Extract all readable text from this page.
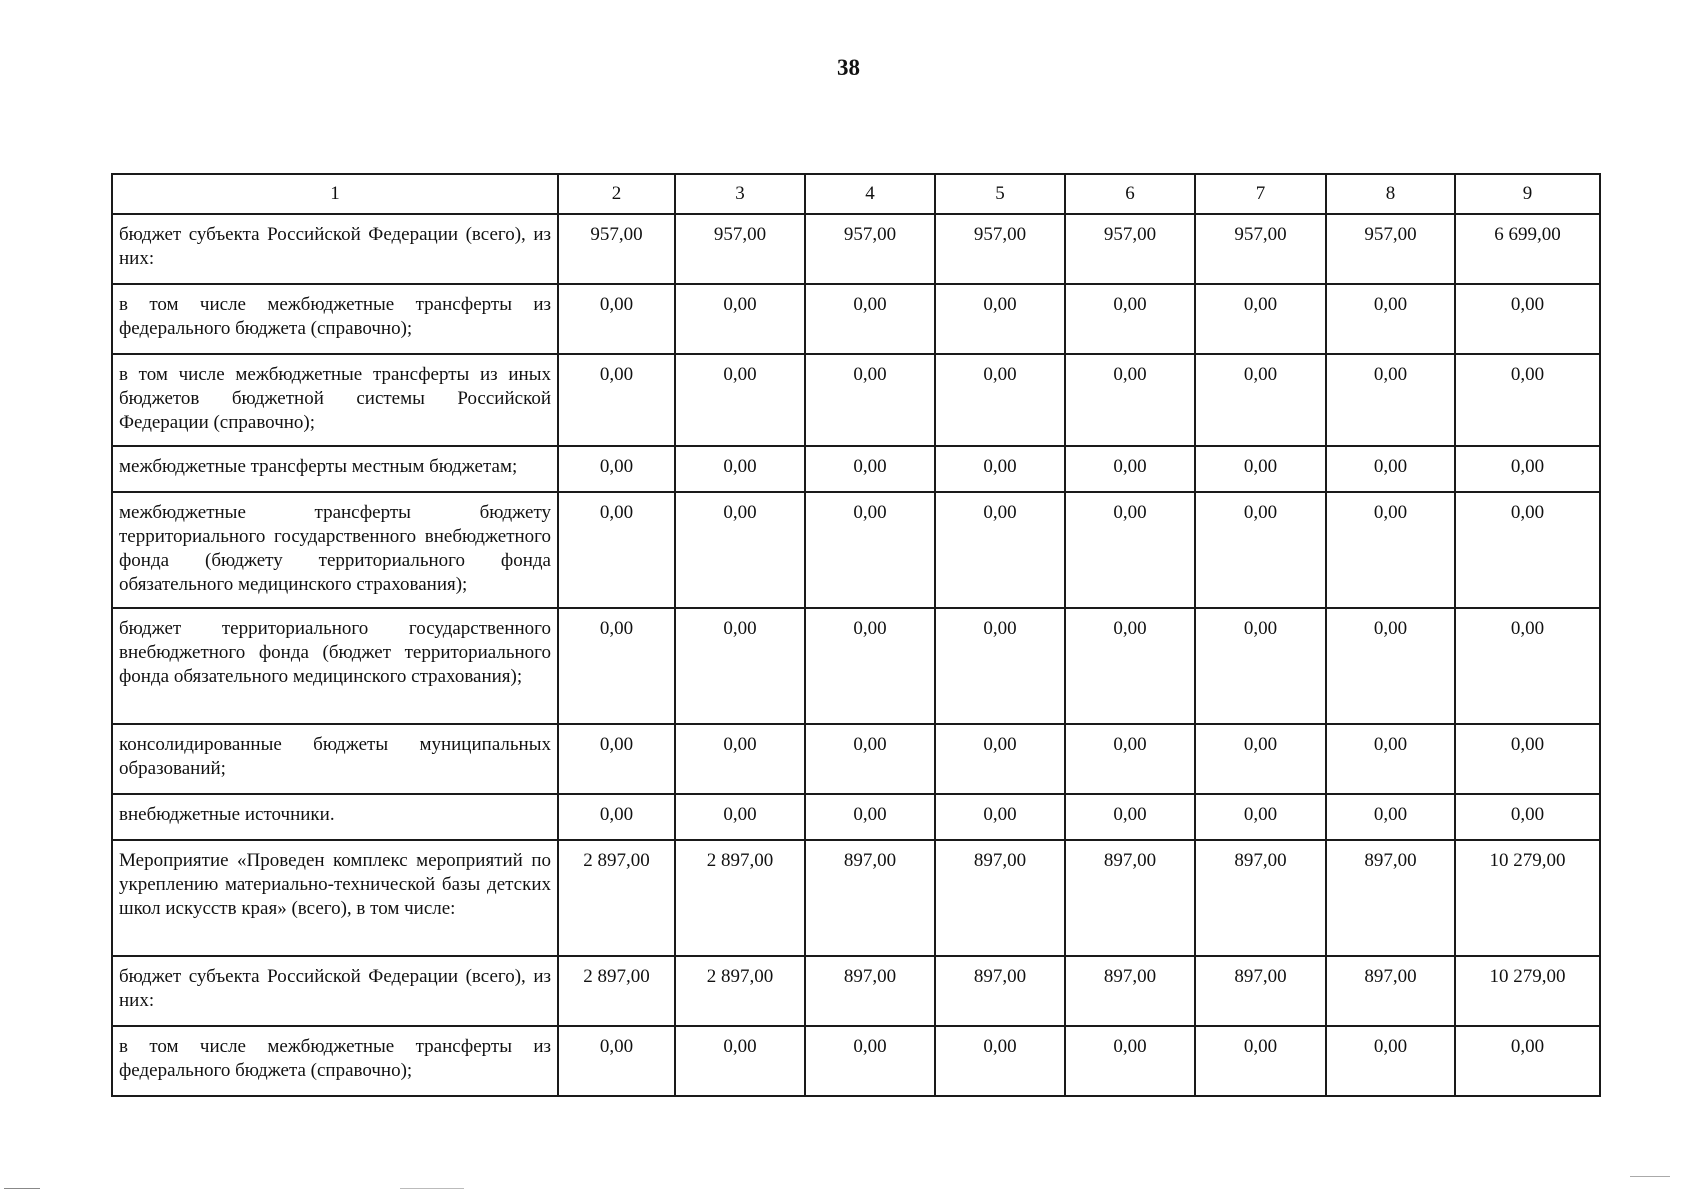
38
1	2	3	4	5	6	7	8	9
бюджет субъекта Российской Федерации (всего), из них:	957,00	957,00	957,00	957,00	957,00	957,00	957,00	6 699,00
в том числе межбюджетные трансферты из федерального бюджета (справочно);	0,00	0,00	0,00	0,00	0,00	0,00	0,00	0,00
в том числе межбюджетные трансферты из иных бюджетов бюджетной системы Российской Федерации (справочно);	0,00	0,00	0,00	0,00	0,00	0,00	0,00	0,00
межбюджетные трансферты местным бюджетам;	0,00	0,00	0,00	0,00	0,00	0,00	0,00	0,00
межбюджетные трансферты бюджету территориального государственного внебюджетного фонда (бюджету территориального фонда обязательного медицинского страхования);	0,00	0,00	0,00	0,00	0,00	0,00	0,00	0,00
бюджет территориального государственного внебюджетного фонда (бюджет территориального фонда обязательного медицинского страхования);	0,00	0,00	0,00	0,00	0,00	0,00	0,00	0,00
консолидированные бюджеты муниципальных образований;	0,00	0,00	0,00	0,00	0,00	0,00	0,00	0,00
внебюджетные источники.	0,00	0,00	0,00	0,00	0,00	0,00	0,00	0,00
Мероприятие «Проведен комплекс мероприятий по укреплению материально-технической базы детских школ искусств края» (всего), в том числе:	2 897,00	2 897,00	897,00	897,00	897,00	897,00	897,00	10 279,00
бюджет субъекта Российской Федерации (всего), из них:	2 897,00	2 897,00	897,00	897,00	897,00	897,00	897,00	10 279,00
в том числе межбюджетные трансферты из федерального бюджета (справочно);	0,00	0,00	0,00	0,00	0,00	0,00	0,00	0,00
